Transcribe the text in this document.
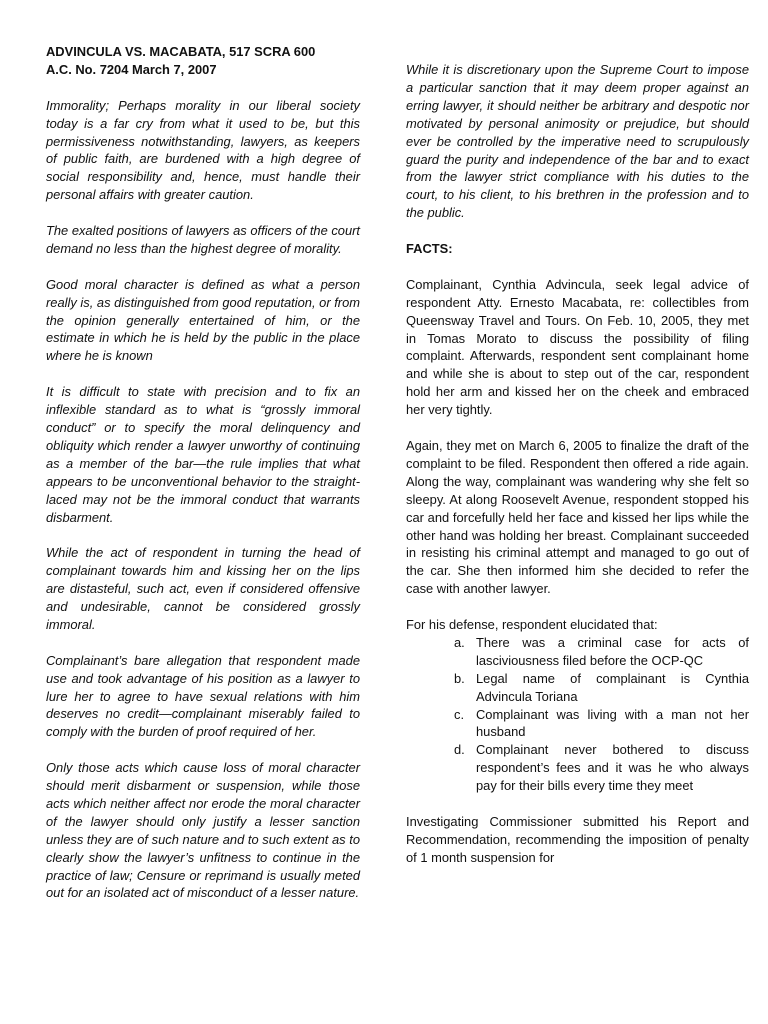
ADVINCULA VS. MACABATA, 517 SCRA 600

A.C. No. 7204 March 7, 2007

Immorality; Perhaps morality in our liberal society today is a far cry from what it used to be, but this permissiveness notwithstanding, lawyers, as keepers of public faith, are burdened with a high degree of social responsibility and, hence, must handle their personal affairs with greater caution.

The exalted positions of lawyers as officers of the court demand no less than the highest degree of morality.

Good moral character is defined as what a person really is, as distinguished from good reputation, or from the opinion generally entertained of him, or the estimate in which he is held by the public in the place where he is known

It is difficult to state with precision and to fix an inflexible standard as to what is “grossly immoral conduct” or to specify the moral delinquency and obliquity which render a lawyer unworthy of continuing as a member of the bar—the rule implies that what appears to be unconventional behavior to the straight-laced may not be the immoral conduct that warrants disbarment.

While the act of respondent in turning the head of complainant towards him and kissing her on the lips are distasteful, such act, even if considered offensive and undesirable, cannot be considered grossly immoral.

Complainant’s bare allegation that respondent made use and took advantage of his position as a lawyer to lure her to agree to have sexual relations with him deserves no credit—complainant miserably failed to comply with the burden of proof required of her.

Only those acts which cause loss of moral character should merit disbarment or suspension, while those acts which neither affect nor erode the moral character of the lawyer should only justify a lesser sanction unless they are of such nature and to such extent as to clearly show the lawyer’s unfitness to continue in the practice of law; Censure or reprimand is usually meted out for an isolated act of misconduct of a lesser nature.

While it is discretionary upon the Supreme Court to impose a particular sanction that it may deem proper against an erring lawyer, it should neither be arbitrary and despotic nor motivated by personal animosity or prejudice, but should ever be controlled by the imperative need to scrupulously guard the purity and independence of the bar and to exact from the lawyer strict compliance with his duties to the court, to his client, to his brethren in the profession and to the public.

FACTS:

Complainant, Cynthia Advincula, seek legal advice of respondent Atty. Ernesto Macabata, re: collectibles from Queensway Travel and Tours. On Feb. 10, 2005, they met in Tomas Morato to discuss the possibility of filing complaint. Afterwards, respondent sent complainant home and while she is about to step out of the car, respondent hold her arm and kissed her on the cheek and embraced her very tightly.

Again, they met on March 6, 2005 to finalize the draft of the complaint to be filed. Respondent then offered a ride again. Along the way, complainant was wandering why she felt so sleepy. At along Roosevelt Avenue, respondent stopped his car and forcefully held her face and kissed her lips while the other hand was holding her breast. Complainant succeeded in resisting his criminal attempt and managed to go out of the car. She then informed him she decided to refer the case with another lawyer.

For his defense, respondent elucidated that:

a. There was a criminal case for acts of lasciviousness filed before the OCP-QC
b. Legal name of complainant is Cynthia Advincula Toriana
c. Complainant was living with a man not her husband
d. Complainant never bothered to discuss respondent’s fees and it was he who always pay for their bills every time they meet

Investigating Commissioner submitted his Report and Recommendation, recommending the imposition of penalty of 1 month suspension for
